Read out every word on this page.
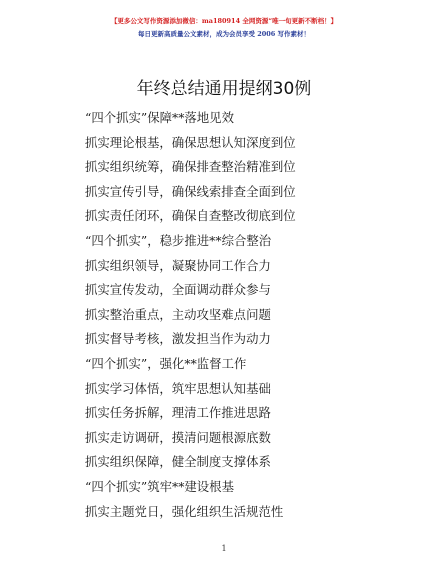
【更多公文写作资源添加微信：ma180914 全网资源“唯一旬更新不断档！】
每日更新高质量公文素材，成为会员享受 2006 写作素材！
年终总结通用提纲30例
“四个抓实”保障**落地见效
抓实理论根基，确保思想认知深度到位
抓实组织统筹，确保排查整治精准到位
抓实宣传引导，确保线索排查全面到位
抓实责任闭环，确保自查整改彻底到位
“四个抓实”，稳步推进**综合整治
抓实组织领导，凝聚协同工作合力
抓实宣传发动，全面调动群众参与
抓实整治重点，主动攻坚难点问题
抓实督导考核，激发担当作为动力
“四个抓实”，强化**监督工作
抓实学习体悟，筑牢思想认知基础
抓实任务拆解，理清工作推进思路
抓实走访调研，摸清问题根源底数
抓实组织保障，健全制度支撑体系
“四个抓实”筑牢**建设根基
抓实主题党日，强化组织生活规范性
1
